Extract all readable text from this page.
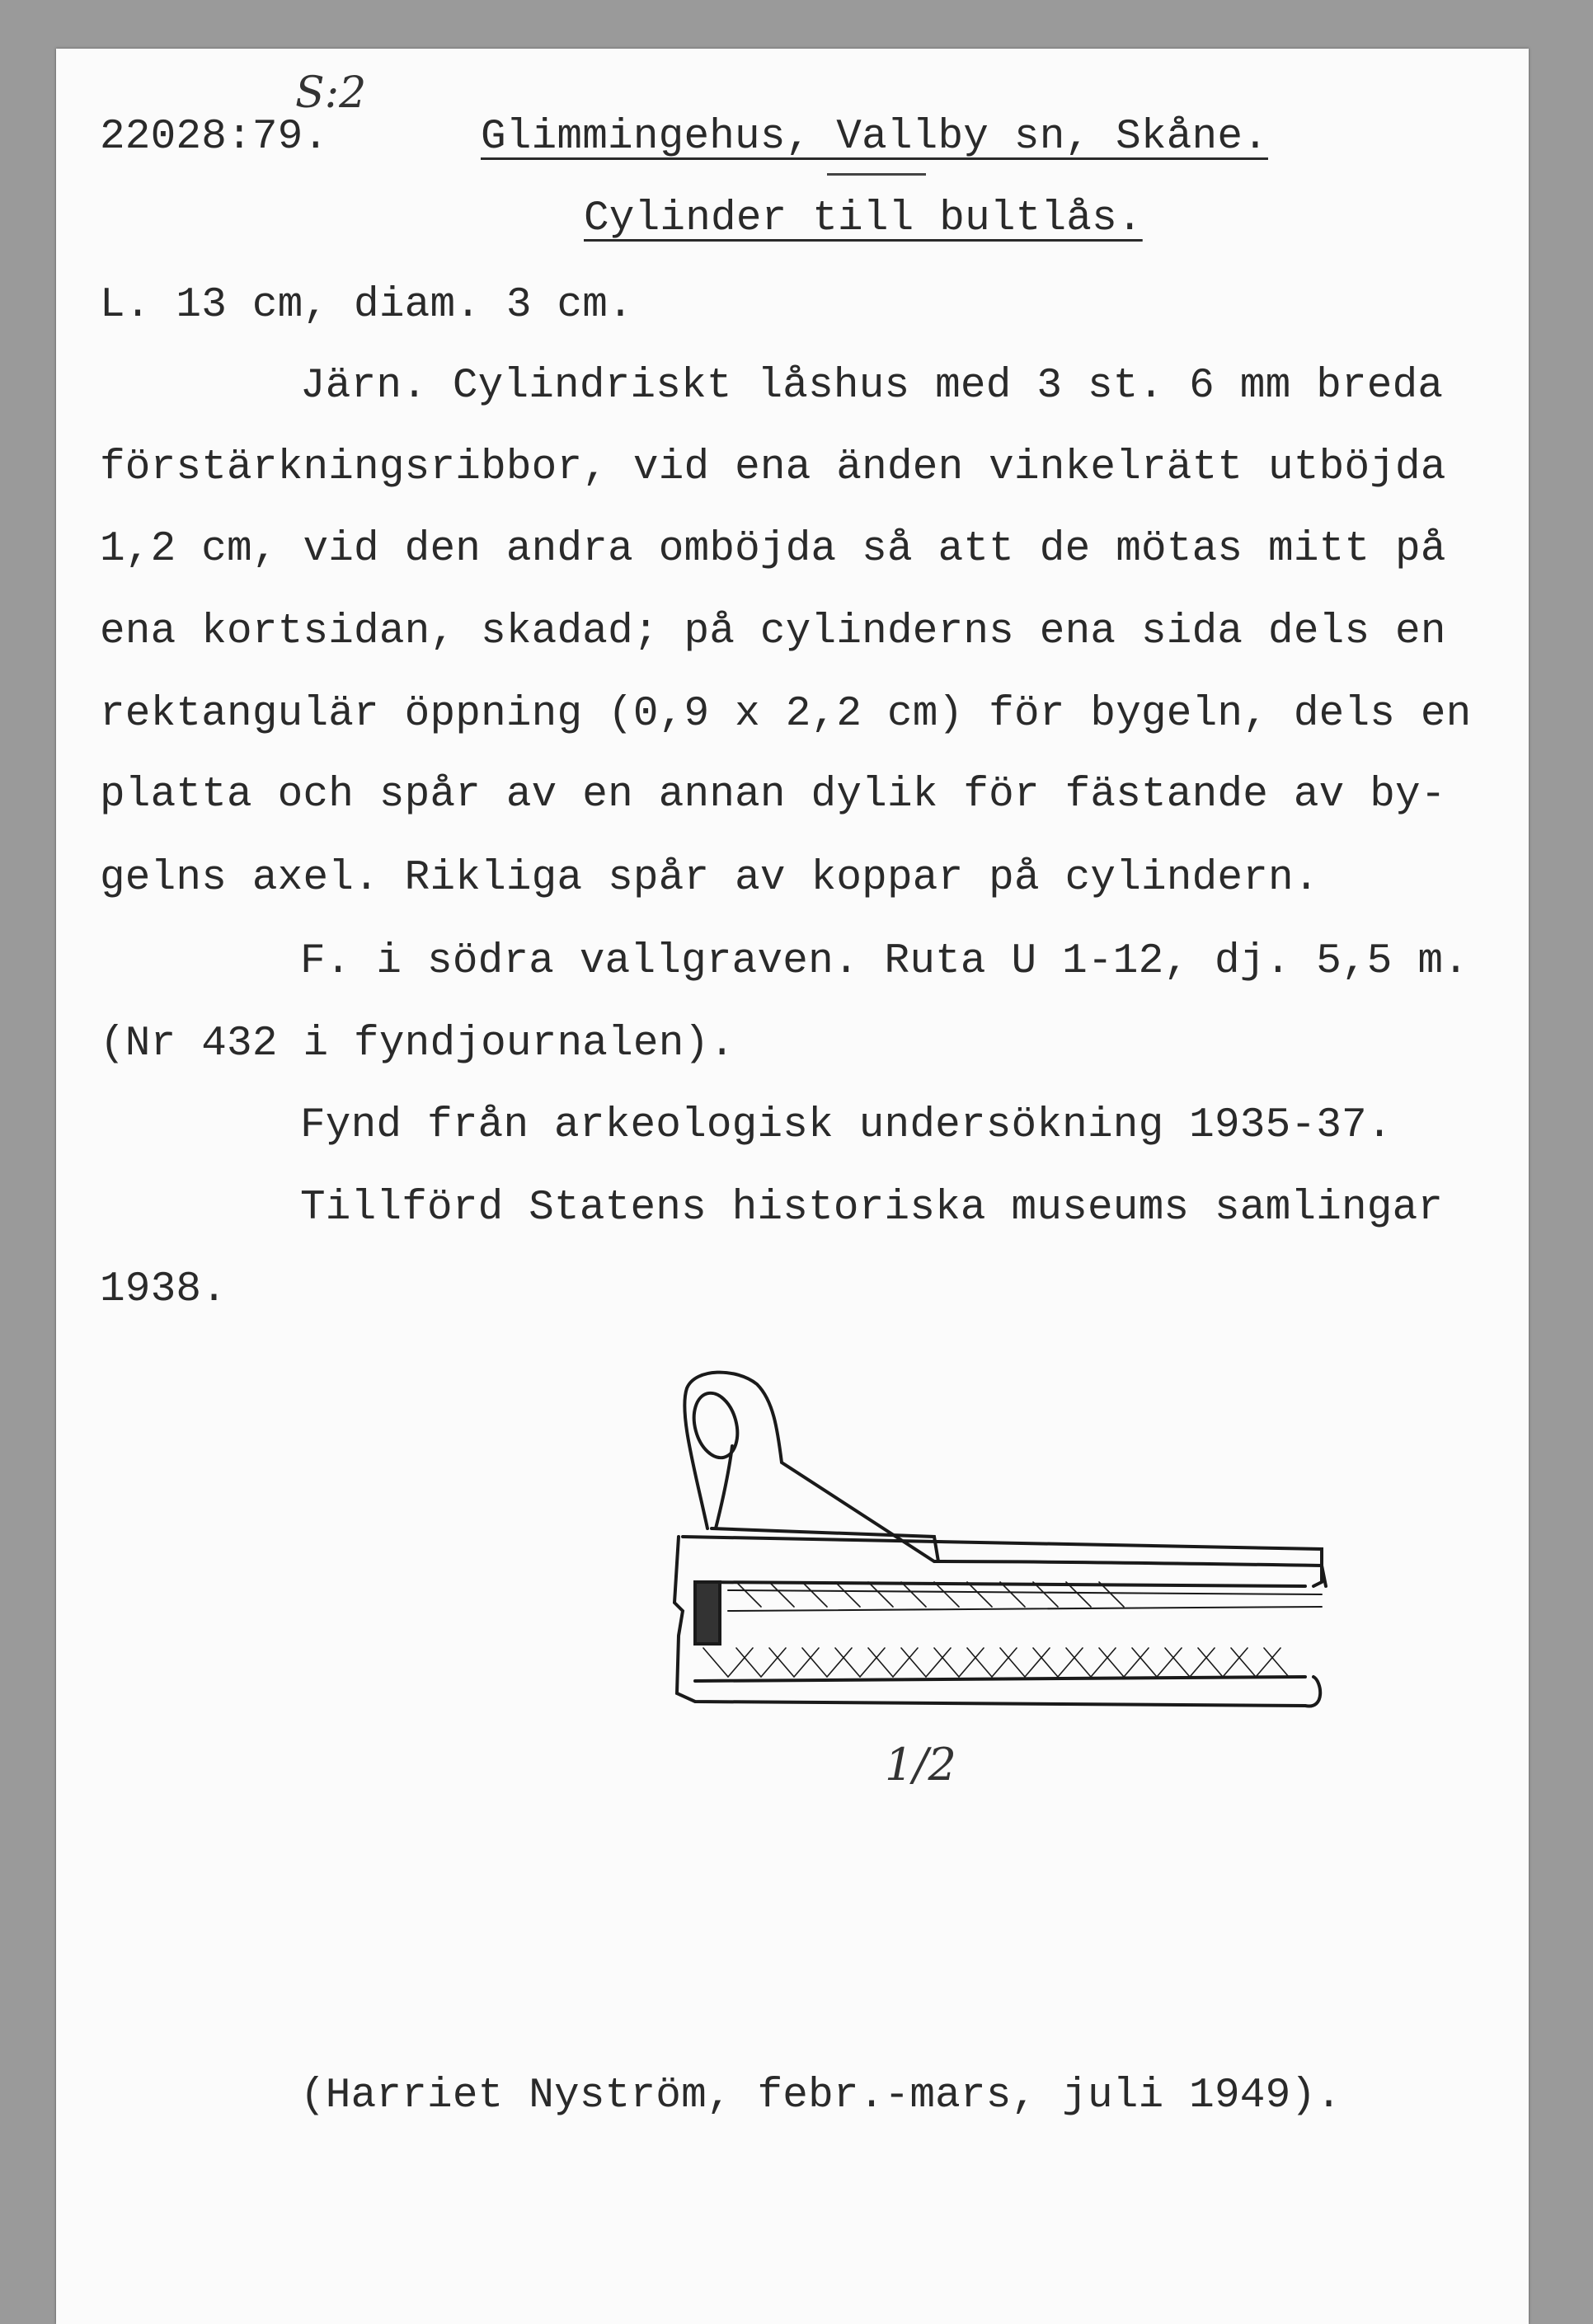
S:2
22028:79.	Glimmingehus, Vallby sn, Skåne.
Cylinder till bultlås.
L. 13 cm, diam. 3 cm.
Järn. Cylindriskt låshus med 3 st. 6 mm breda
förstärkningsribbor, vid ena änden vinkelrätt utböjda
1,2 cm, vid den andra omböjda så att de mötas mitt på
ena kortsidan, skadad; på cylinderns ena sida dels en
rektangulär öppning (0,9 x 2,2 cm) för bygeln, dels en
platta och spår av en annan dylik för fästande av by-
gelns axel. Rikliga spår av koppar på cylindern.
F. i södra vallgraven. Ruta U 1-12, dj. 5,5 m.
(Nr 432 i fyndjournalen).
Fynd från arkeologisk undersökning 1935-37.
Tillförd Statens historiska museums samlingar
1938.
1/2
(Harriet Nyström, febr.-mars, juli 1949).
